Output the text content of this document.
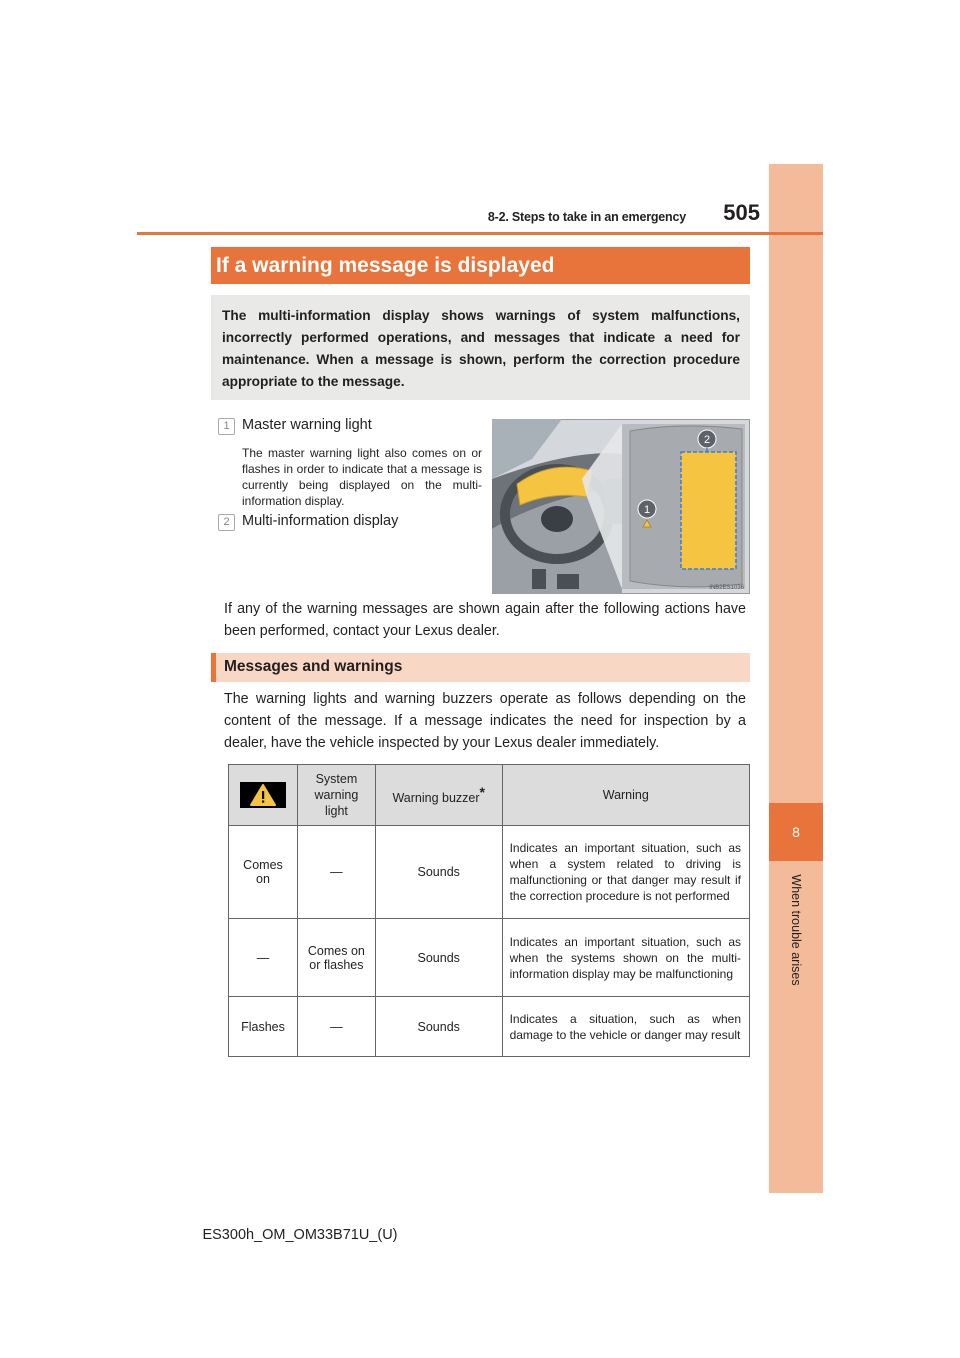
8
When trouble arises
8-2. Steps to take in an emergency	505
If a warning message is displayed
The multi-information display shows warnings of system malfunctions, incorrectly performed operations, and messages that indicate a need for maintenance. When a message is shown, perform the correction procedure appropriate to the message.
1 Master warning light
The master warning light also comes on or flashes in order to indicate that a message is currently being displayed on the multi-information display.
2 Multi-information display
1
2
INB2ES1036
If any of the warning messages are shown again after the following actions have been performed, contact your Lexus dealer.
Messages and warnings
The warning lights and warning buzzers operate as follows depending on the content of the message. If a message indicates the need for inspection by a dealer, have the vehicle inspected by your Lexus dealer immediately.
	System warning light	Warning buzzer*	Warning
Comes on	—	Sounds	Indicates an important situation, such as when a system related to driving is malfunctioning or that danger may result if the correction procedure is not performed
—	Comes on or flashes	Sounds	Indicates an important situation, such as when the systems shown on the multi-information display may be malfunctioning
Flashes	—	Sounds	Indicates a situation, such as when damage to the vehicle or danger may result
ES300h_OM_OM33B71U_(U)
